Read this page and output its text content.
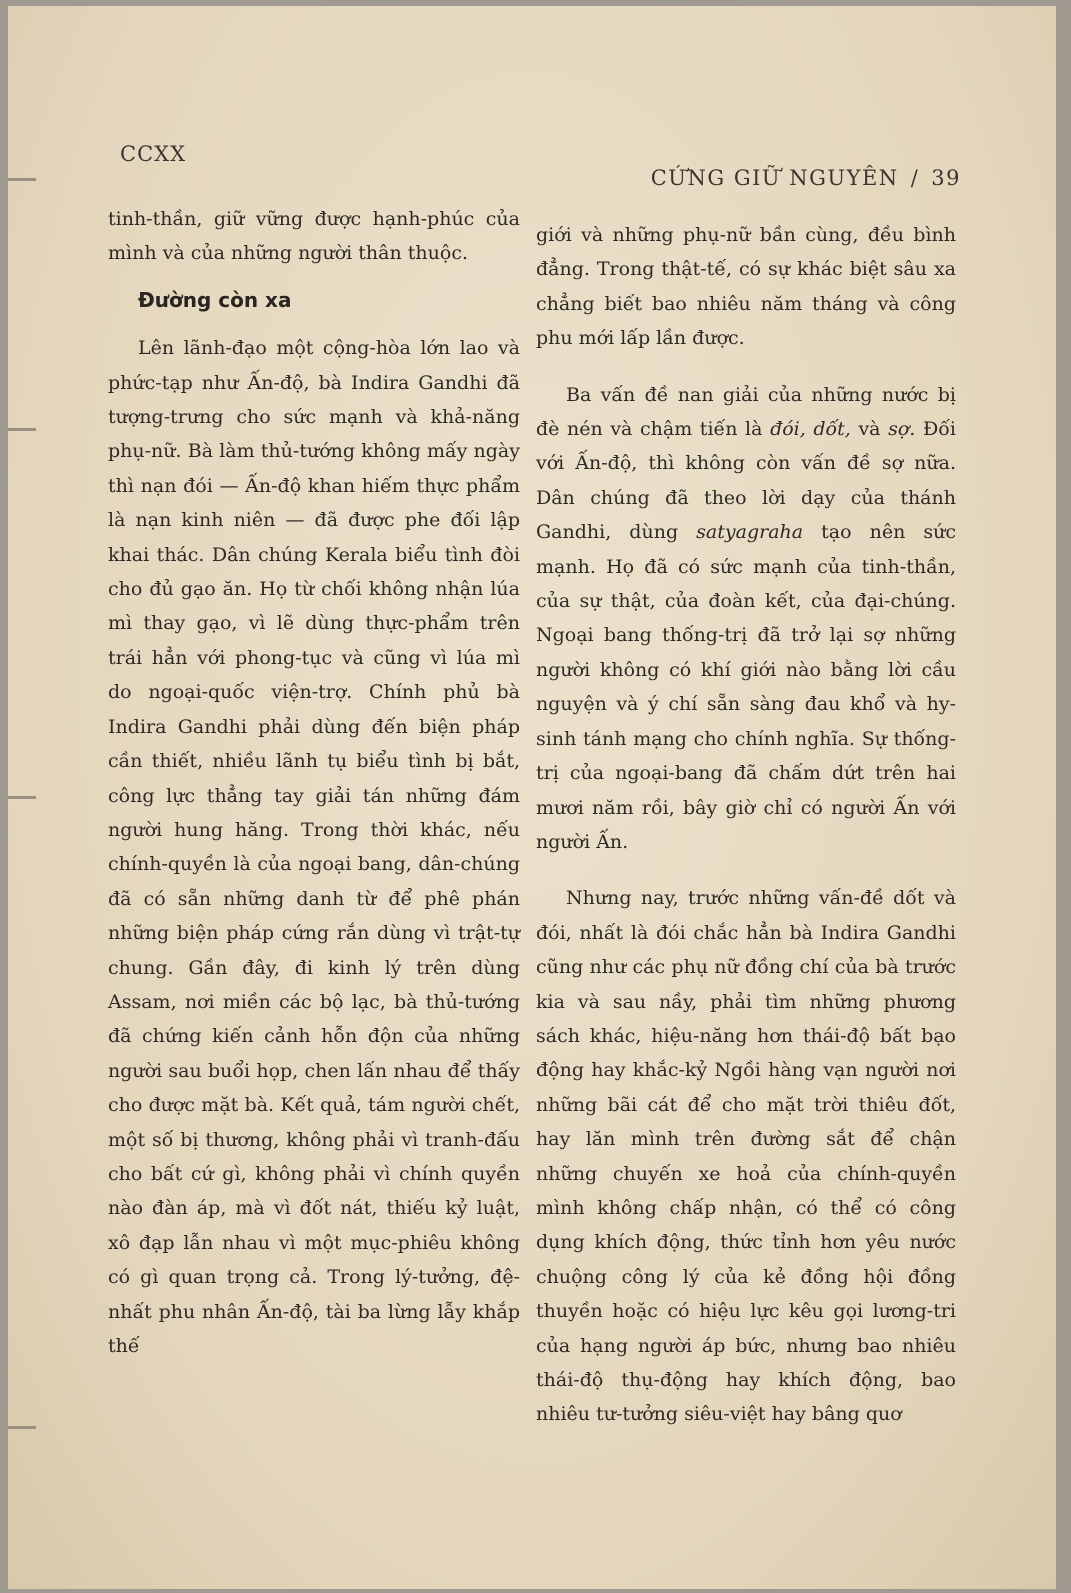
CCXX
CỨNG GIỮ NGUYÊN / 39

tinh-thần, giữ vững được hạnh-phúc của mình và của những người thân thuộc.

Đường còn xa

Lên lãnh-đạo một cộng-hòa lớn lao và phức-tạp như Ấn-độ, bà Indira Gandhi đã tượng-trưng cho sức mạnh và khả-năng phụ-nữ. Bà làm thủ-tướng không mấy ngày thì nạn đói — Ấn-độ khan hiếm thực phẩm là nạn kinh niên — đã được phe đối lập khai thác. Dân chúng Kerala biểu tình đòi cho đủ gạo ăn. Họ từ chối không nhận lúa mì thay gạo, vì lẽ dùng thực-phẩm trên trái hẳn với phong-tục và cũng vì lúa mì do ngoại-quốc viện-trợ. Chính phủ bà Indira Gandhi phải dùng đến biện pháp cần thiết, nhiều lãnh tụ biểu tình bị bắt, công lực thẳng tay giải tán những đám người hung hăng. Trong thời khác, nếu chính-quyền là của ngoại bang, dân-chúng đã có sẵn những danh từ để phê phán những biện pháp cứng rắn dùng vì trật-tự chung. Gần đây, đi kinh lý trên dùng Assam, nơi miền các bộ lạc, bà thủ-tướng đã chứng kiến cảnh hỗn độn của những người sau buổi họp, chen lấn nhau để thấy cho được mặt bà. Kết quả, tám người chết, một số bị thương, không phải vì tranh-đấu cho bất cứ gì, không phải vì chính quyền nào đàn áp, mà vì đốt nát, thiếu kỷ luật, xô đạp lẫn nhau vì một mục-phiêu không có gì quan trọng cả. Trong lý-tưởng, đệ-nhất phu nhân Ấn-độ, tài ba lừng lẫy khắp thế

giới và những phụ-nữ bần cùng, đều bình đẳng. Trong thật-tế, có sự khác biệt sâu xa chẳng biết bao nhiêu năm tháng và công phu mới lấp lần được.

Ba vấn đề nan giải của những nước bị đè nén và chậm tiến là đói, dốt, và sợ. Đối với Ấn-độ, thì không còn vấn đề sợ nữa. Dân chúng đã theo lời dạy của thánh Gandhi, dùng satyagraha tạo nên sức mạnh. Họ đã có sức mạnh của tinh-thần, của sự thật, của đoàn kết, của đại-chúng. Ngoại bang thống-trị đã trở lại sợ những người không có khí giới nào bằng lời cầu nguyện và ý chí sẵn sàng đau khổ và hy-sinh tánh mạng cho chính nghĩa. Sự thống-trị của ngoại-bang đã chấm dứt trên hai mươi năm rồi, bây giờ chỉ có người Ấn với người Ấn.

Nhưng nay, trước những vấn-đề dốt và đói, nhất là đói chắc hẳn bà Indira Gandhi cũng như các phụ nữ đồng chí của bà trước kia và sau nầy, phải tìm những phương sách khác, hiệu-năng hơn thái-độ bất bạo động hay khắc-kỷ Ngồi hàng vạn người nơi những bãi cát để cho mặt trời thiêu đốt, hay lăn mình trên đường sắt để chận những chuyến xe hoả của chính-quyền mình không chấp nhận, có thể có công dụng khích động, thức tỉnh hơn yêu nước chuộng công lý của kẻ đồng hội đồng thuyền hoặc có hiệu lực kêu gọi lương-tri của hạng người áp bức, nhưng bao nhiêu thái-độ thụ-động hay khích động, bao nhiêu tư-tưởng siêu-việt hay bâng quơ
